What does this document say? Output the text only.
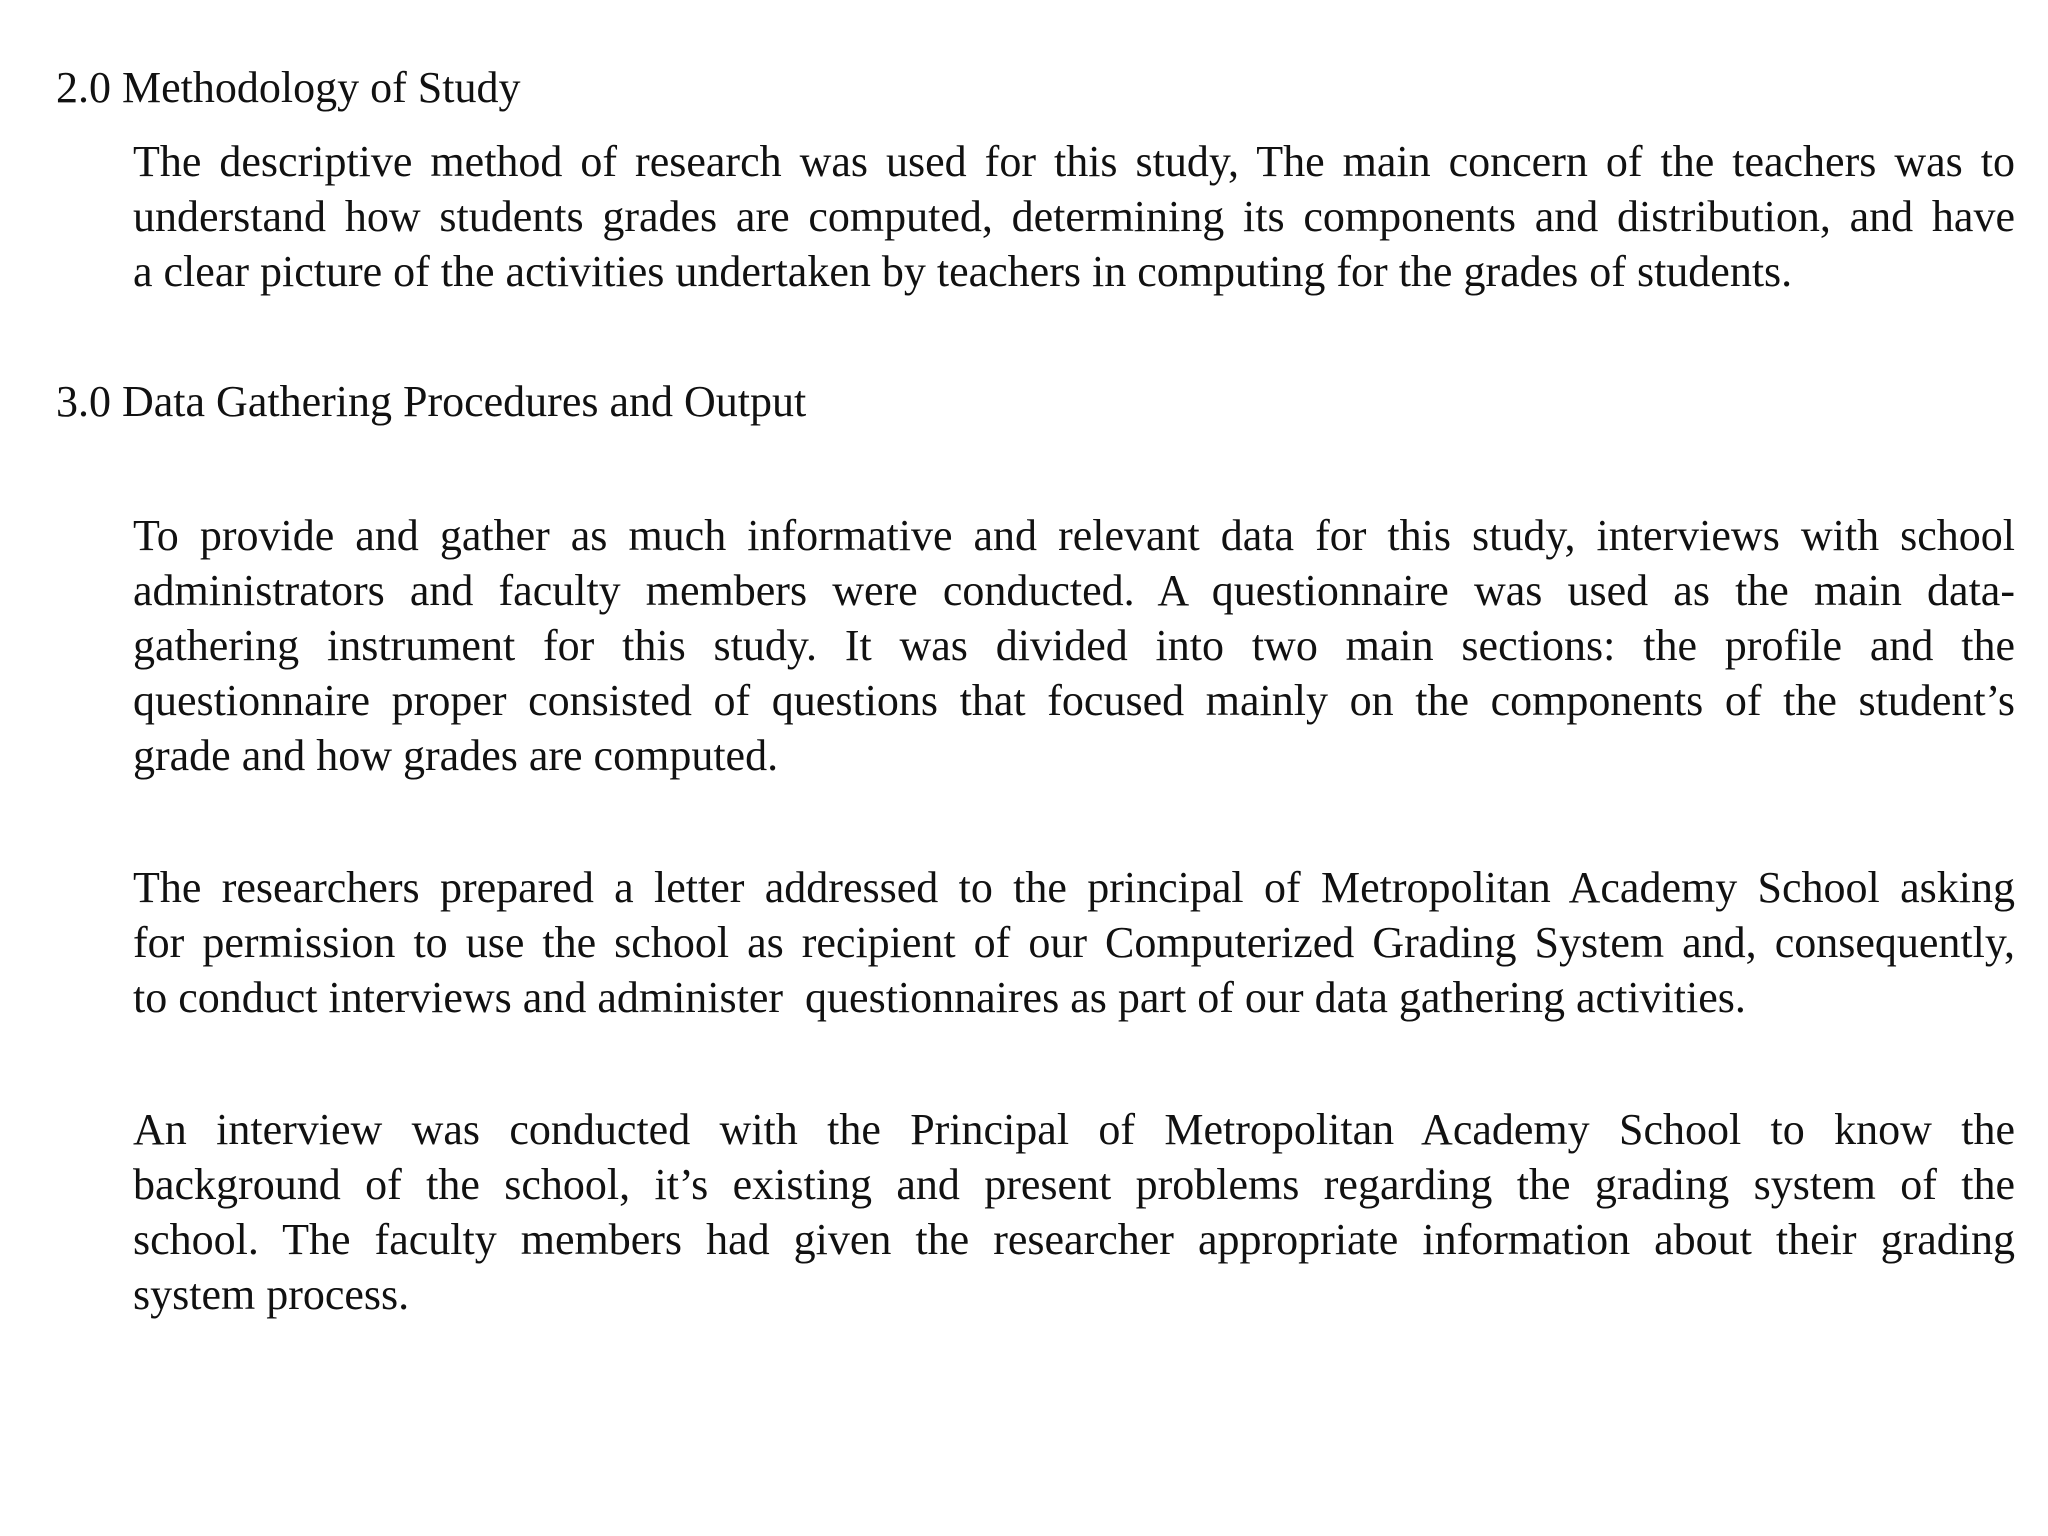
2.0 Methodology of Study

The descriptive method of research was used for this study, The main concern of the teachers was to
understand how students grades are computed, determining its components and distribution, and have
a clear picture of the activities undertaken by teachers in computing for the grades of students.

3.0 Data Gathering Procedures and Output

To provide and gather as much informative and relevant data for this study, interviews with school
administrators and faculty members were conducted. A questionnaire was used as the main data-
gathering instrument for this study. It was divided into two main sections: the profile and the
questionnaire proper consisted of questions that focused mainly on the components of the student’s
grade and how grades are computed.

The researchers prepared a letter addressed to the principal of Metropolitan Academy School asking
for permission to use the school as recipient of our Computerized Grading System and, consequently,
to conduct interviews and administer  questionnaires as part of our data gathering activities.

An interview was conducted with the Principal of Metropolitan Academy School to know the
background of the school, it’s existing and present problems regarding the grading system of the
school. The faculty members had given the researcher appropriate information about their grading
system process.
